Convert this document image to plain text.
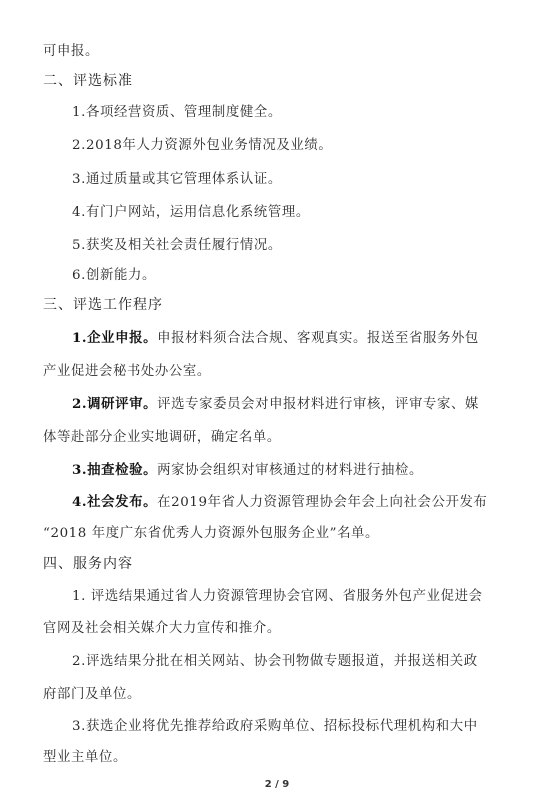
可申报。
二、评选标准
1.各项经营资质、管理制度健全。
2.2018年人力资源外包业务情况及业绩。
3.通过质量或其它管理体系认证。
4.有门户网站，运用信息化系统管理。
5.获奖及相关社会责任履行情况。
6.创新能力。
三、评选工作程序
1.企业申报。申报材料须合法合规、客观真实。报送至省服务外包
产业促进会秘书处办公室。
2.调研评审。评选专家委员会对申报材料进行审核，评审专家、媒
体等赴部分企业实地调研，确定名单。
3.抽查检验。两家协会组织对审核通过的材料进行抽检。
4.社会发布。在2019年省人力资源管理协会年会上向社会公开发布
“2018 年度广东省优秀人力资源外包服务企业”名单。
四、服务内容
1. 评选结果通过省人力资源管理协会官网、省服务外包产业促进会
官网及社会相关媒介大力宣传和推介。
2.评选结果分批在相关网站、协会刊物做专题报道，并报送相关政
府部门及单位。
3.获选企业将优先推荐给政府采购单位、招标投标代理机构和大中
型业主单位。
2 / 9
